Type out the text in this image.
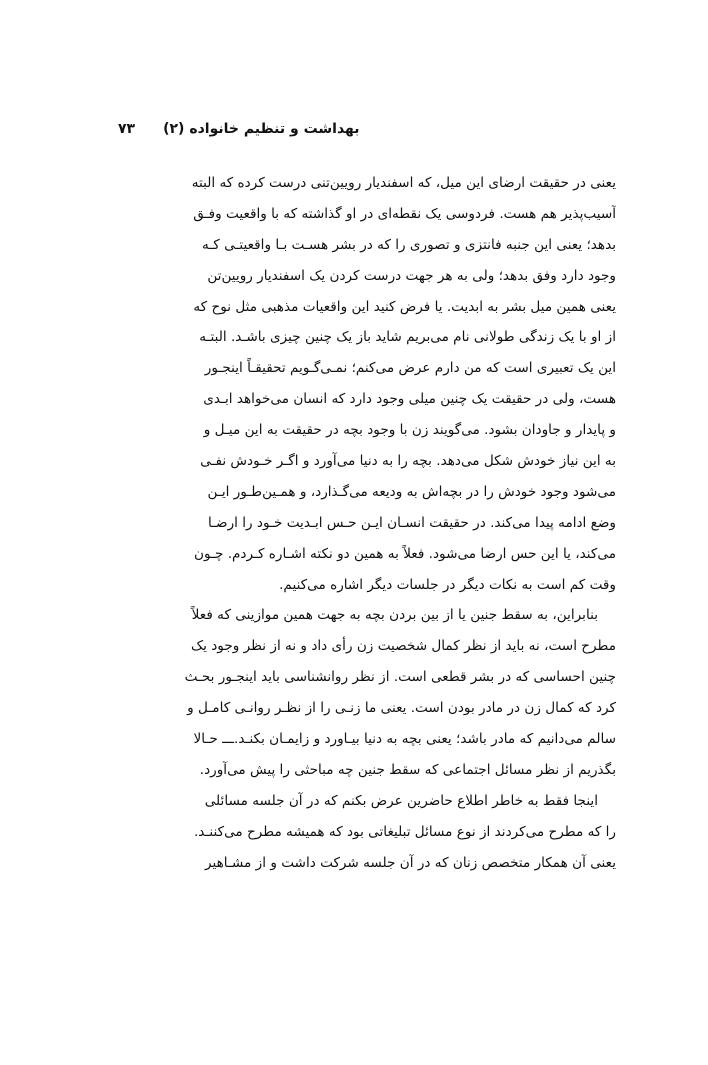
بهداشت و تنظیم خانواده (۲)
۷۳
یعنی در حقیقت ارضای این میل، که اسفندیار رویین‌تنی درست کرده که البته
آسیب‌پذیر هم هست. فردوسی یک نقطه‌ای در او گذاشته که با واقعیت وفـق
بدهد؛ یعنی این جنبه فانتزی و تصوری را که در بشر هسـت بـا واقعیتـی کـه
وجود دارد وفق بدهد؛ ولی به هر جهت درست کردن یک اسفندیار رویین‌تن
یعنی همین میل بشر به ابدیت. یا فرض کنید این واقعیات مذهبی مثل نوح که
از او با یک زندگی طولانی نام می‌بریم شاید باز یک چنین چیزی باشـد. البتـه
این یک تعبیری است که من دارم عرض می‌کنم؛ نمـی‌گـویم تحقیقـاً اینجـور
هست، ولی در حقیقت یک چنین میلی وجود دارد که انسان می‌خواهد ابـدی
و پایدار و جاودان بشود. می‌گویند زن با وجود بچه در حقیقت به این میـل و
به این نیاز خودش شکل می‌دهد. بچه را به دنیا می‌آورد و اگـر خـودش نفـی
می‌شود وجود خودش را در بچه‌اش به ودیعه می‌گـذارد، و همـین‌طـور ایـن
وضع ادامه پیدا می‌کند. در حقیقت انسـان ایـن حـس ابـدیت خـود را ارضـا
می‌کند، یا این حس ارضا می‌شود. فعلاً به همین دو نکته اشـاره کـردم. چـون
وقت کم است به نکات دیگر در جلسات دیگر اشاره می‌کنیم.
بنابراین، به سقط جنین یا از بین بردن بچه به جهت همین موازینی که فعلاً
مطرح است، نه باید از نظر کمال شخصیت زن رأی داد و نه از نظر وجود یک
چنین احساسی که در بشر قطعی است. از نظر روانشناسی باید اینجـور بحـث
کرد که کمال زن در مادر بودن است. یعنی ما زنـی را از نظـر روانـی کامـل و
سالم می‌دانیم که مادر باشد؛ یعنی بچه به دنیا بیـاورد و زایمـان بکنـد.ـــ حـالا
بگذریم از نظر مسائل اجتماعی که سقط جنین چه مباحثی را پیش می‌آورد.
اینجا فقط به خاطر اطلاع حاضرین عرض بکنم که در آن جلسه مسائلی
را که مطرح می‌کردند از نوع مسائل تبلیغاتی بود که همیشه مطرح می‌کننـد.
یعنی آن همکار متخصص زنان که در آن جلسه شرکت داشت و از مشـاهیر
